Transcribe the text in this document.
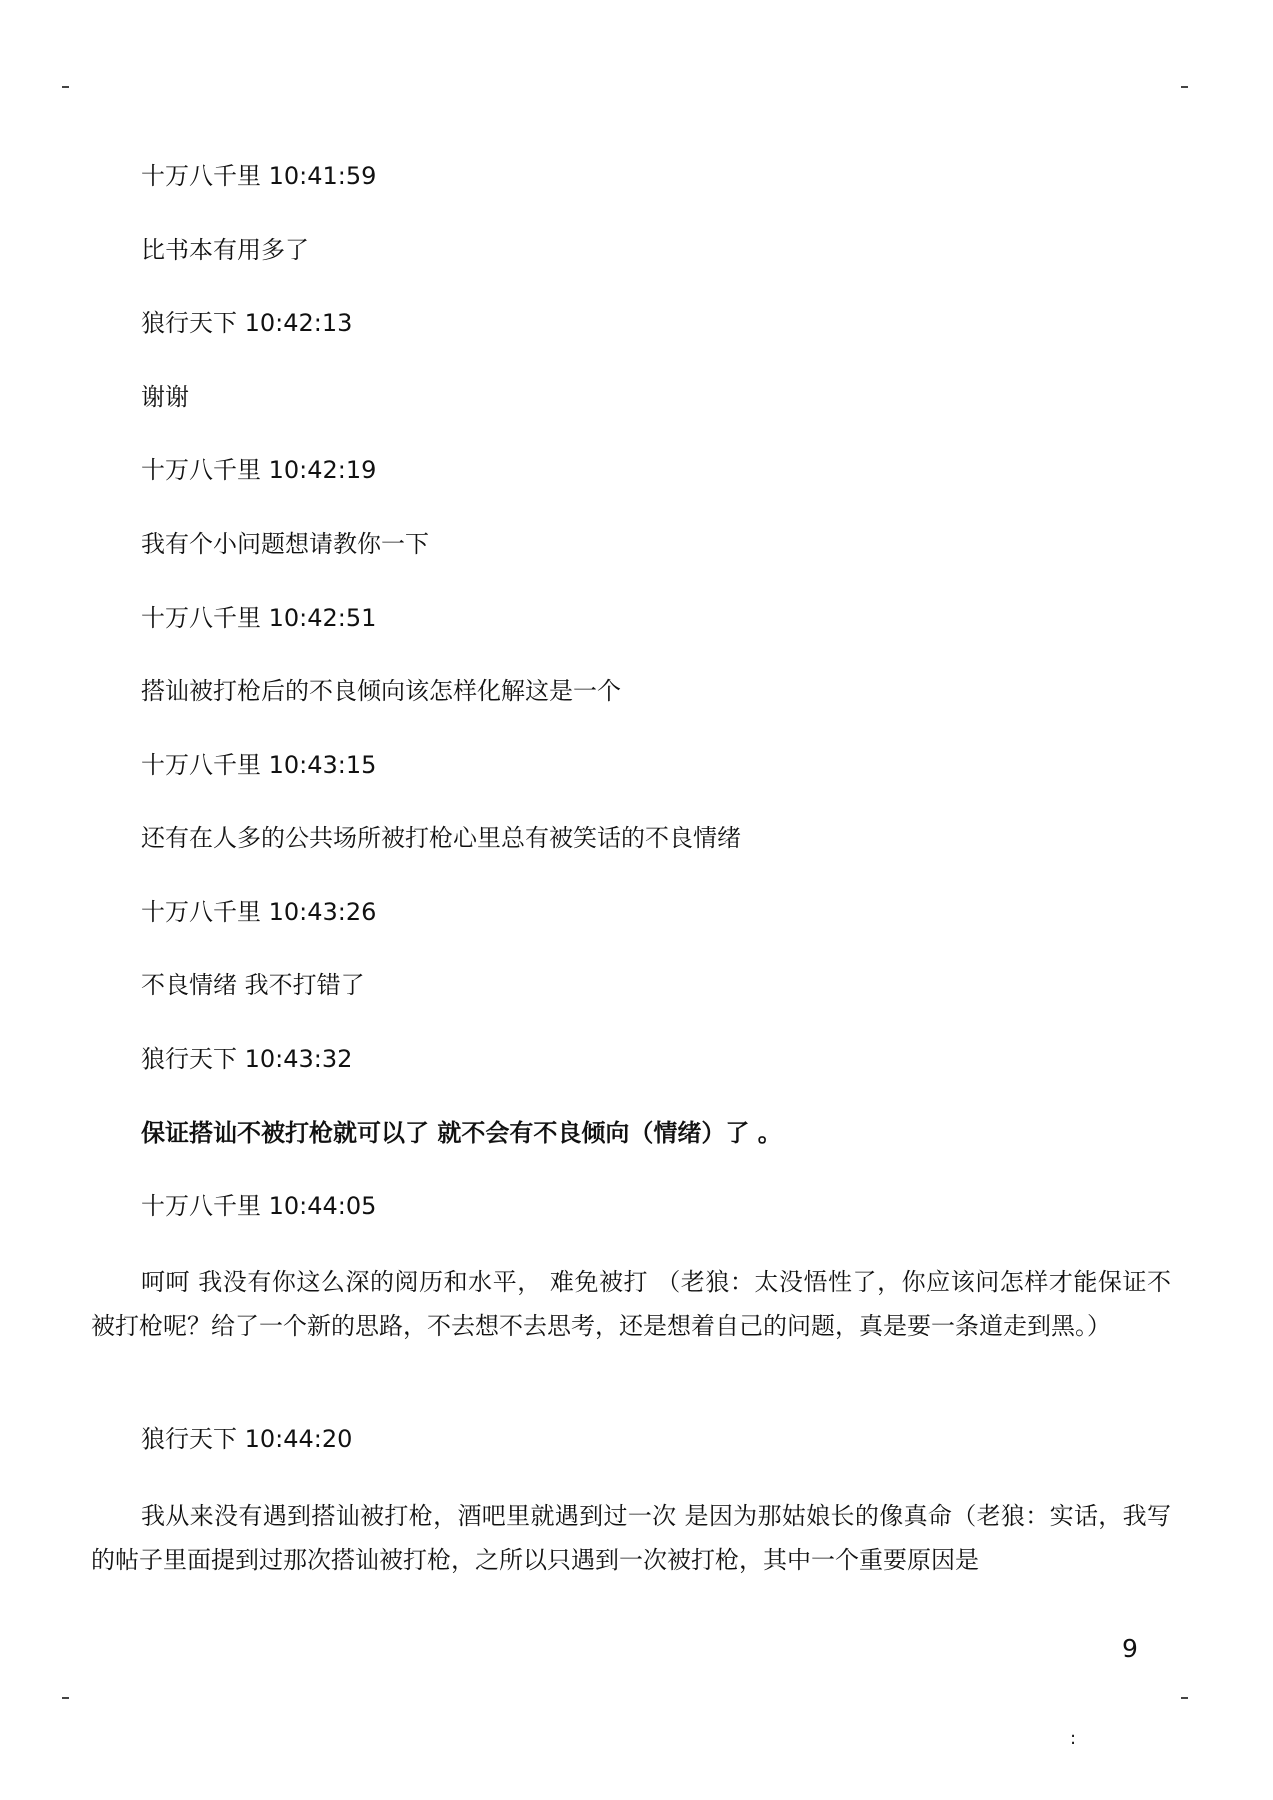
十万八千里 10:41:59
比书本有用多了
狼行天下 10:42:13
谢谢
十万八千里 10:42:19
我有个小问题想请教你一下
十万八千里 10:42:51
搭讪被打枪后的不良倾向该怎样化解这是一个
十万八千里 10:43:15
还有在人多的公共场所被打枪心里总有被笑话的不良情绪
十万八千里 10:43:26
不良情绪 我不打错了
狼行天下 10:43:32
保证搭讪不被打枪就可以了 就不会有不良倾向（情绪）了 。
十万八千里 10:44:05
呵呵 我没有你这么深的阅历和水平， 难免被打 （老狼：太没悟性了，你应该问怎样才能保证不被打枪呢？给了一个新的思路，不去想不去思考，还是想着自己的问题，真是要一条道走到黑。）
狼行天下 10:44:20
我从来没有遇到搭讪被打枪，酒吧里就遇到过一次 是因为那姑娘长的像真命（老狼：实话，我写的帖子里面提到过那次搭讪被打枪，之所以只遇到一次被打枪，其中一个重要原因是
9
:
